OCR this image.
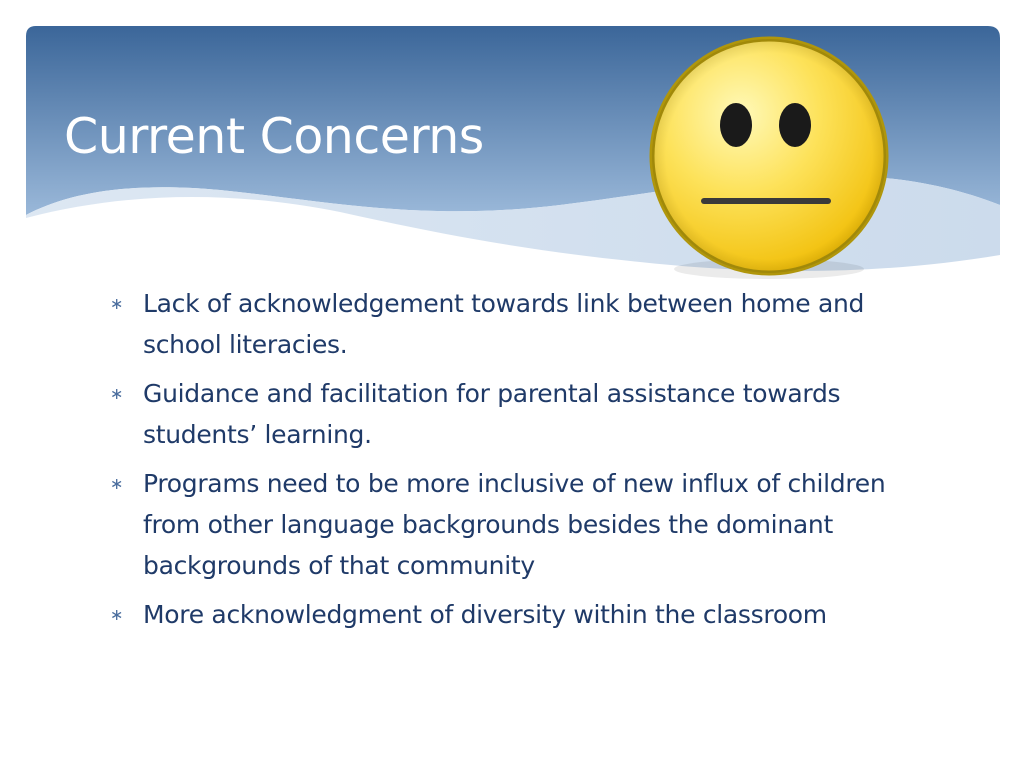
Current Concerns
∗ Lack of acknowledgement towards link between home and school literacies.
∗ Guidance and facilitation for parental assistance towards students’ learning.
∗ Programs need to be more inclusive of new influx of children from other language backgrounds besides the dominant backgrounds of that community
∗ More acknowledgment of diversity within the classroom
